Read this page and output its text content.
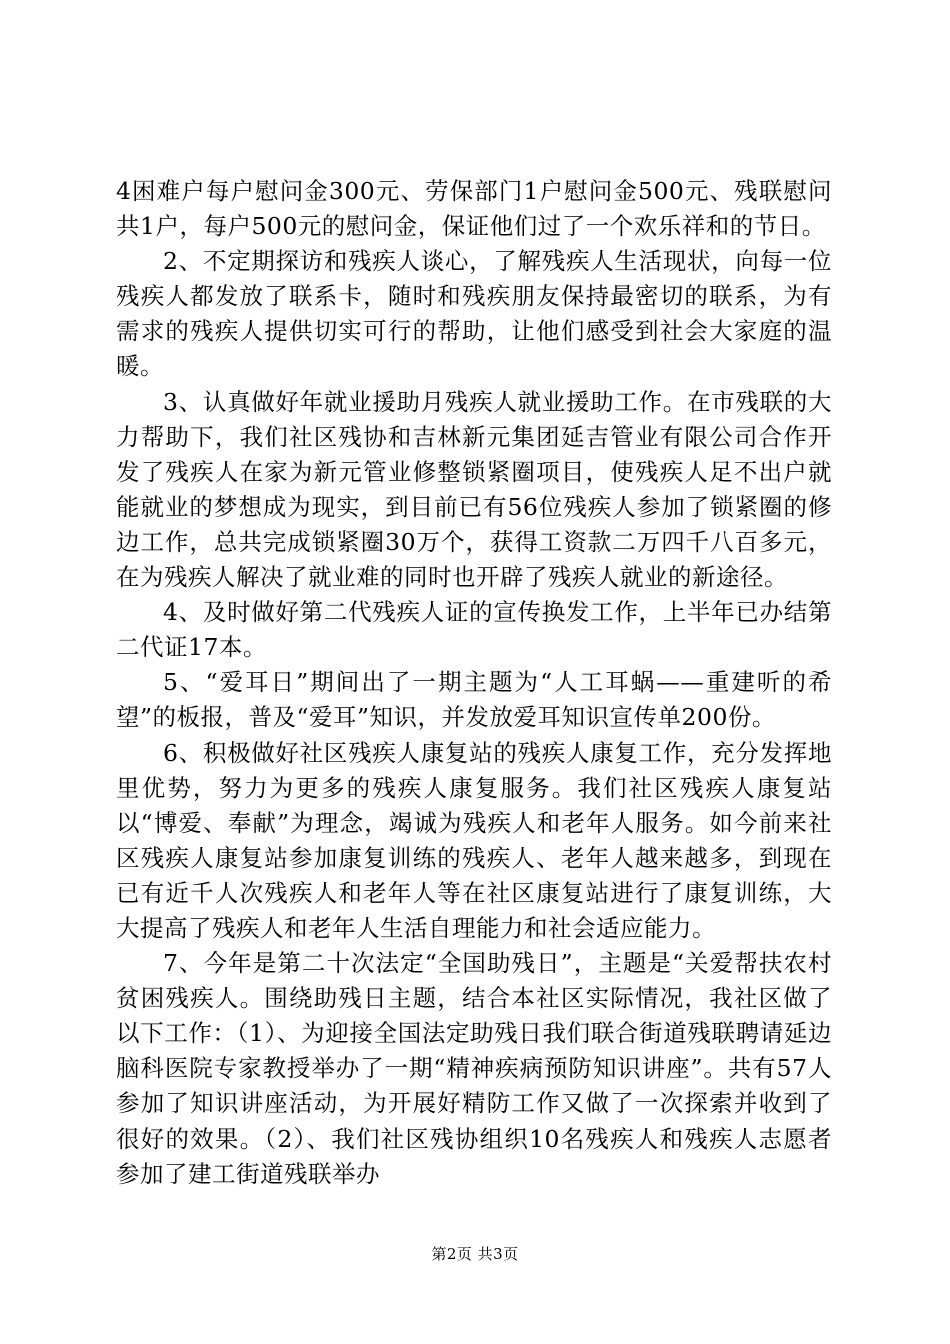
4困难户每户慰问金300元、劳保部门1户慰问金500元、残联慰问共1户，每户500元的慰问金，保证他们过了一个欢乐祥和的节日。

2、不定期探访和残疾人谈心，了解残疾人生活现状，向每一位残疾人都发放了联系卡，随时和残疾朋友保持最密切的联系，为有需求的残疾人提供切实可行的帮助，让他们感受到社会大家庭的温暖。

3、认真做好年就业援助月残疾人就业援助工作。在市残联的大力帮助下，我们社区残协和吉林新元集团延吉管业有限公司合作开发了残疾人在家为新元管业修整锁紧圈项目，使残疾人足不出户就能就业的梦想成为现实，到目前已有56位残疾人参加了锁紧圈的修边工作，总共完成锁紧圈30万个，获得工资款二万四千八百多元，在为残疾人解决了就业难的同时也开辟了残疾人就业的新途径。

4、及时做好第二代残疾人证的宣传换发工作，上半年已办结第二代证17本。

5、“爱耳日”期间出了一期主题为“人工耳蜗——重建听的希望”的板报，普及“爱耳”知识，并发放爱耳知识宣传单200份。

6、积极做好社区残疾人康复站的残疾人康复工作，充分发挥地里优势，努力为更多的残疾人康复服务。我们社区残疾人康复站以“博爱、奉献”为理念，竭诚为残疾人和老年人服务。如今前来社区残疾人康复站参加康复训练的残疾人、老年人越来越多，到现在已有近千人次残疾人和老年人等在社区康复站进行了康复训练，大大提高了残疾人和老年人生活自理能力和社会适应能力。

7、今年是第二十次法定“全国助残日”，主题是“关爱帮扶农村贫困残疾人。围绕助残日主题，结合本社区实际情况，我社区做了以下工作：（1）、为迎接全国法定助残日我们联合街道残联聘请延边脑科医院专家教授举办了一期“精神疾病预防知识讲座”。共有57人参加了知识讲座活动，为开展好精防工作又做了一次探索并收到了很好的效果。（2）、我们社区残协组织10名残疾人和残疾人志愿者参加了建工街道残联举办

第2页 共3页
